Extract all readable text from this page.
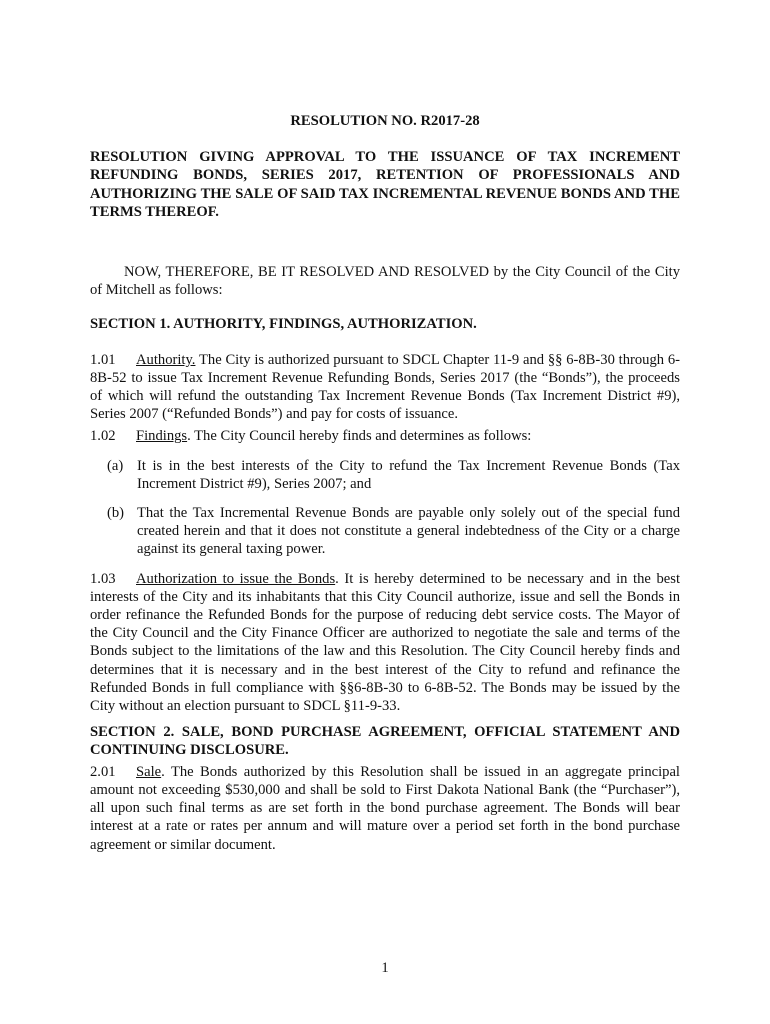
RESOLUTION NO. R2017-28

RESOLUTION GIVING APPROVAL TO THE ISSUANCE OF TAX INCREMENT REFUNDING BONDS, SERIES 2017, RETENTION OF PROFESSIONALS AND AUTHORIZING THE SALE OF SAID TAX INCREMENTAL REVENUE BONDS AND THE TERMS THEREOF.

NOW, THEREFORE, BE IT RESOLVED AND RESOLVED by the City Council of the City of Mitchell as follows:

SECTION 1. AUTHORITY, FINDINGS, AUTHORIZATION.

1.01 Authority. The City is authorized pursuant to SDCL Chapter 11-9 and §§ 6-8B-30 through 6-8B-52 to issue Tax Increment Revenue Refunding Bonds, Series 2017 (the “Bonds”), the proceeds of which will refund the outstanding Tax Increment Revenue Bonds (Tax Increment District #9), Series 2007 (“Refunded Bonds”) and pay for costs of issuance.

1.02 Findings. The City Council hereby finds and determines as follows:

(a) It is in the best interests of the City to refund the Tax Increment Revenue Bonds (Tax Increment District #9), Series 2007; and
(b) That the Tax Incremental Revenue Bonds are payable only solely out of the special fund created herein and that it does not constitute a general indebtedness of the City or a charge against its general taxing power.

1.03 Authorization to issue the Bonds. It is hereby determined to be necessary and in the best interests of the City and its inhabitants that this City Council authorize, issue and sell the Bonds in order refinance the Refunded Bonds for the purpose of reducing debt service costs. The Mayor of the City Council and the City Finance Officer are authorized to negotiate the sale and terms of the Bonds subject to the limitations of the law and this Resolution. The City Council hereby finds and determines that it is necessary and in the best interest of the City to refund and refinance the Refunded Bonds in full compliance with §§6-8B-30 to 6-8B-52. The Bonds may be issued by the City without an election pursuant to SDCL §11-9-33.

SECTION 2. SALE, BOND PURCHASE AGREEMENT, OFFICIAL STATEMENT AND CONTINUING DISCLOSURE.

2.01 Sale. The Bonds authorized by this Resolution shall be issued in an aggregate principal amount not exceeding $530,000 and shall be sold to First Dakota National Bank (the “Purchaser”), all upon such final terms as are set forth in the bond purchase agreement. The Bonds will bear interest at a rate or rates per annum and will mature over a period set forth in the bond purchase agreement or similar document.

1
